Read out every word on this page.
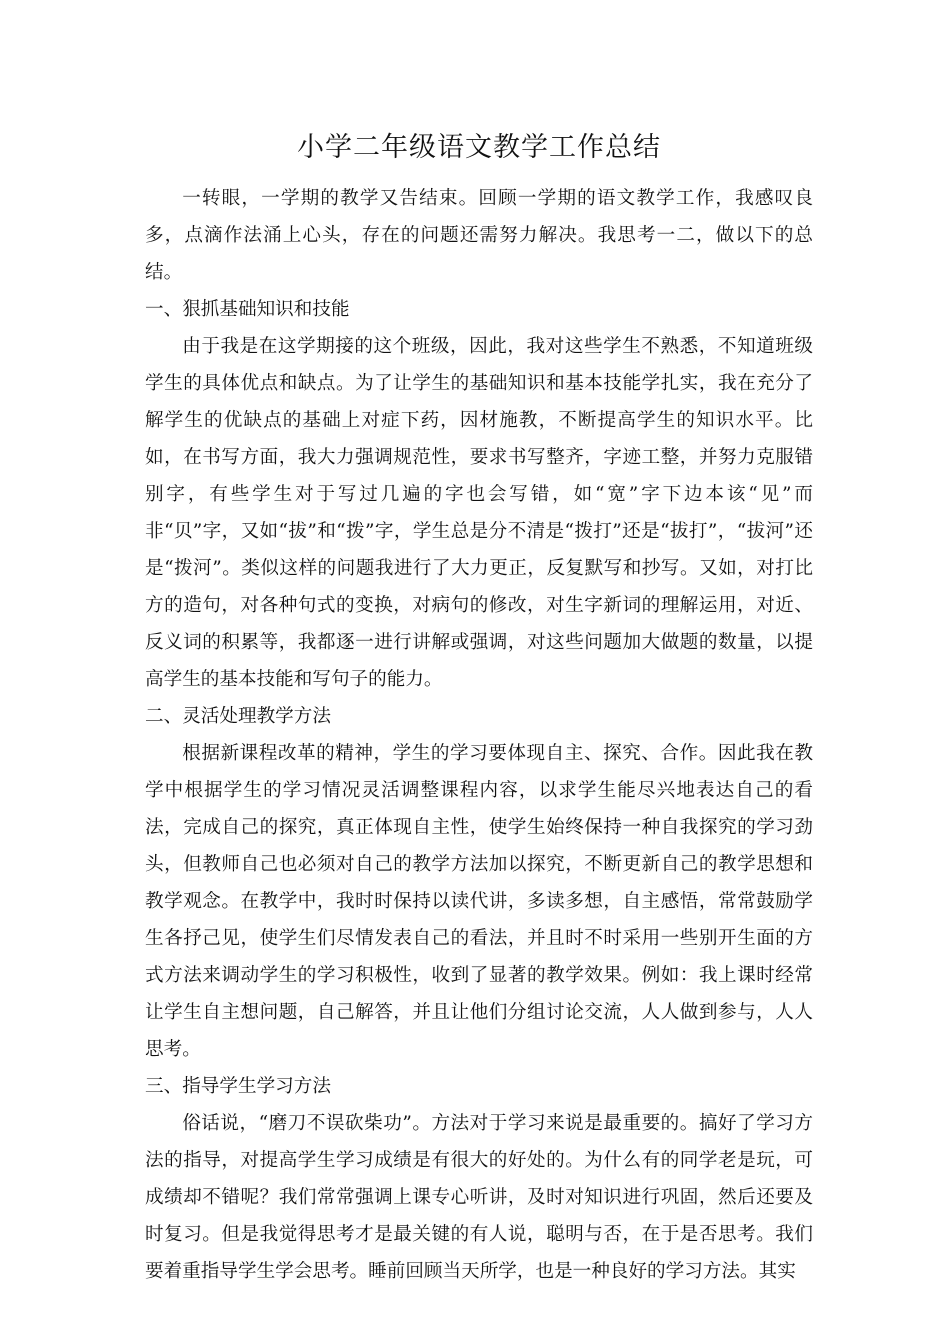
小学二年级语文教学工作总结

一转眼，一学期的教学又告结束。回顾一学期的语文教学工作，我感叹良多，点滴作法涌上心头，存在的问题还需努力解决。我思考一二，做以下的总结。

一、狠抓基础知识和技能

由于我是在这学期接的这个班级，因此，我对这些学生不熟悉，不知道班级学生的具体优点和缺点。为了让学生的基础知识和基本技能学扎实，我在充分了解学生的优缺点的基础上对症下药，因材施教，不断提高学生的知识水平。比如，在书写方面，我大力强调规范性，要求书写整齐，字迹工整，并努力克服错别字，有些学生对于写过几遍的字也会写错，如“宽”字下边本该“见”而非“贝”字，又如“拔”和“拨”字，学生总是分不清是“拨打”还是“拔打”，“拔河”还是“拨河”。类似这样的问题我进行了大力更正，反复默写和抄写。又如，对打比方的造句，对各种句式的变换，对病句的修改，对生字新词的理解运用，对近、反义词的积累等，我都逐一进行讲解或强调，对这些问题加大做题的数量，以提高学生的基本技能和写句子的能力。

二、灵活处理教学方法

根据新课程改革的精神，学生的学习要体现自主、探究、合作。因此我在教学中根据学生的学习情况灵活调整课程内容，以求学生能尽兴地表达自己的看法，完成自己的探究，真正体现自主性，使学生始终保持一种自我探究的学习劲头，但教师自己也必须对自己的教学方法加以探究，不断更新自己的教学思想和教学观念。在教学中，我时时保持以读代讲，多读多想，自主感悟，常常鼓励学生各抒己见，使学生们尽情发表自己的看法，并且时不时采用一些别开生面的方式方法来调动学生的学习积极性，收到了显著的教学效果。例如：我上课时经常让学生自主想问题，自己解答，并且让他们分组讨论交流，人人做到参与，人人思考。

三、指导学生学习方法

俗话说，“磨刀不误砍柴功”。方法对于学习来说是最重要的。搞好了学习方法的指导，对提高学生学习成绩是有很大的好处的。为什么有的同学老是玩，可成绩却不错呢？我们常常强调上课专心听讲，及时对知识进行巩固，然后还要及时复习。但是我觉得思考才是最关键的有人说，聪明与否，在于是否思考。我们要着重指导学生学会思考。睡前回顾当天所学，也是一种良好的学习方法。其实
